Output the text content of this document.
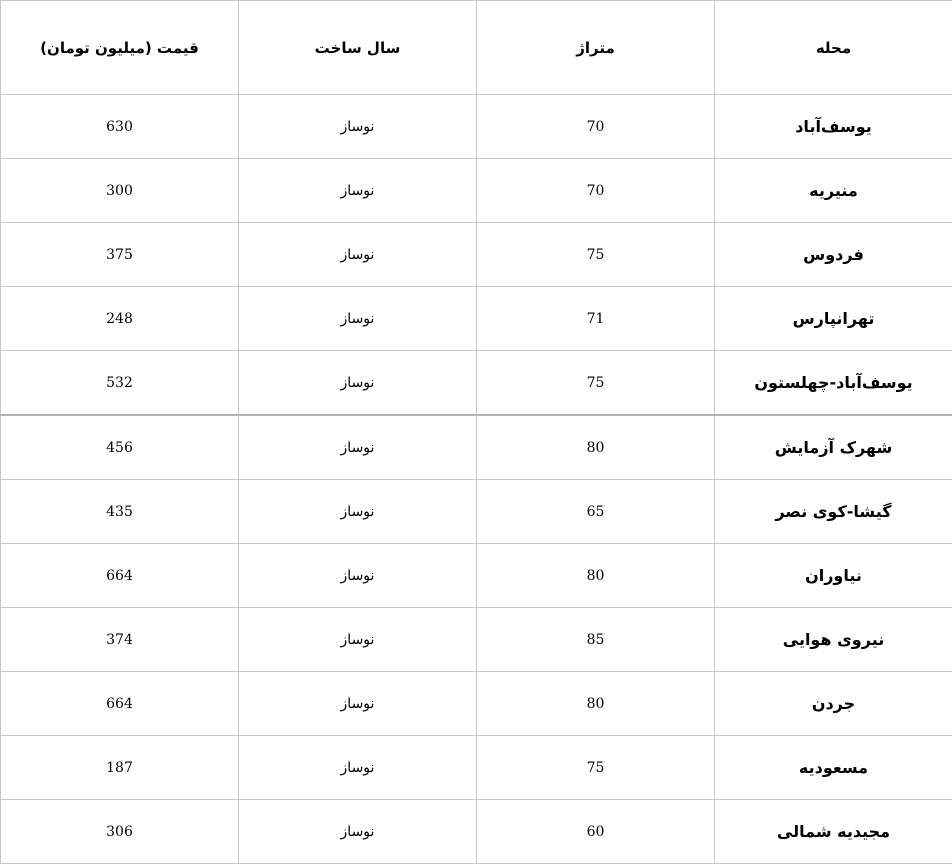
محله	متراژ	سال ساخت	قیمت (میلیون تومان)
یوسف‌آباد	70	نوساز	630
منیریه	70	نوساز	300
فردوس	75	نوساز	375
تهرانپارس	71	نوساز	248
یوسف‌آباد-چهلستون	75	نوساز	532
شهرک آزمایش	80	نوساز	456
گیشا-کوی نصر	65	نوساز	435
نیاوران	80	نوساز	664
نیروی هوایی	85	نوساز	374
جردن	80	نوساز	664
مسعودیه	75	نوساز	187
مجیدیه شمالی	60	نوساز	306
